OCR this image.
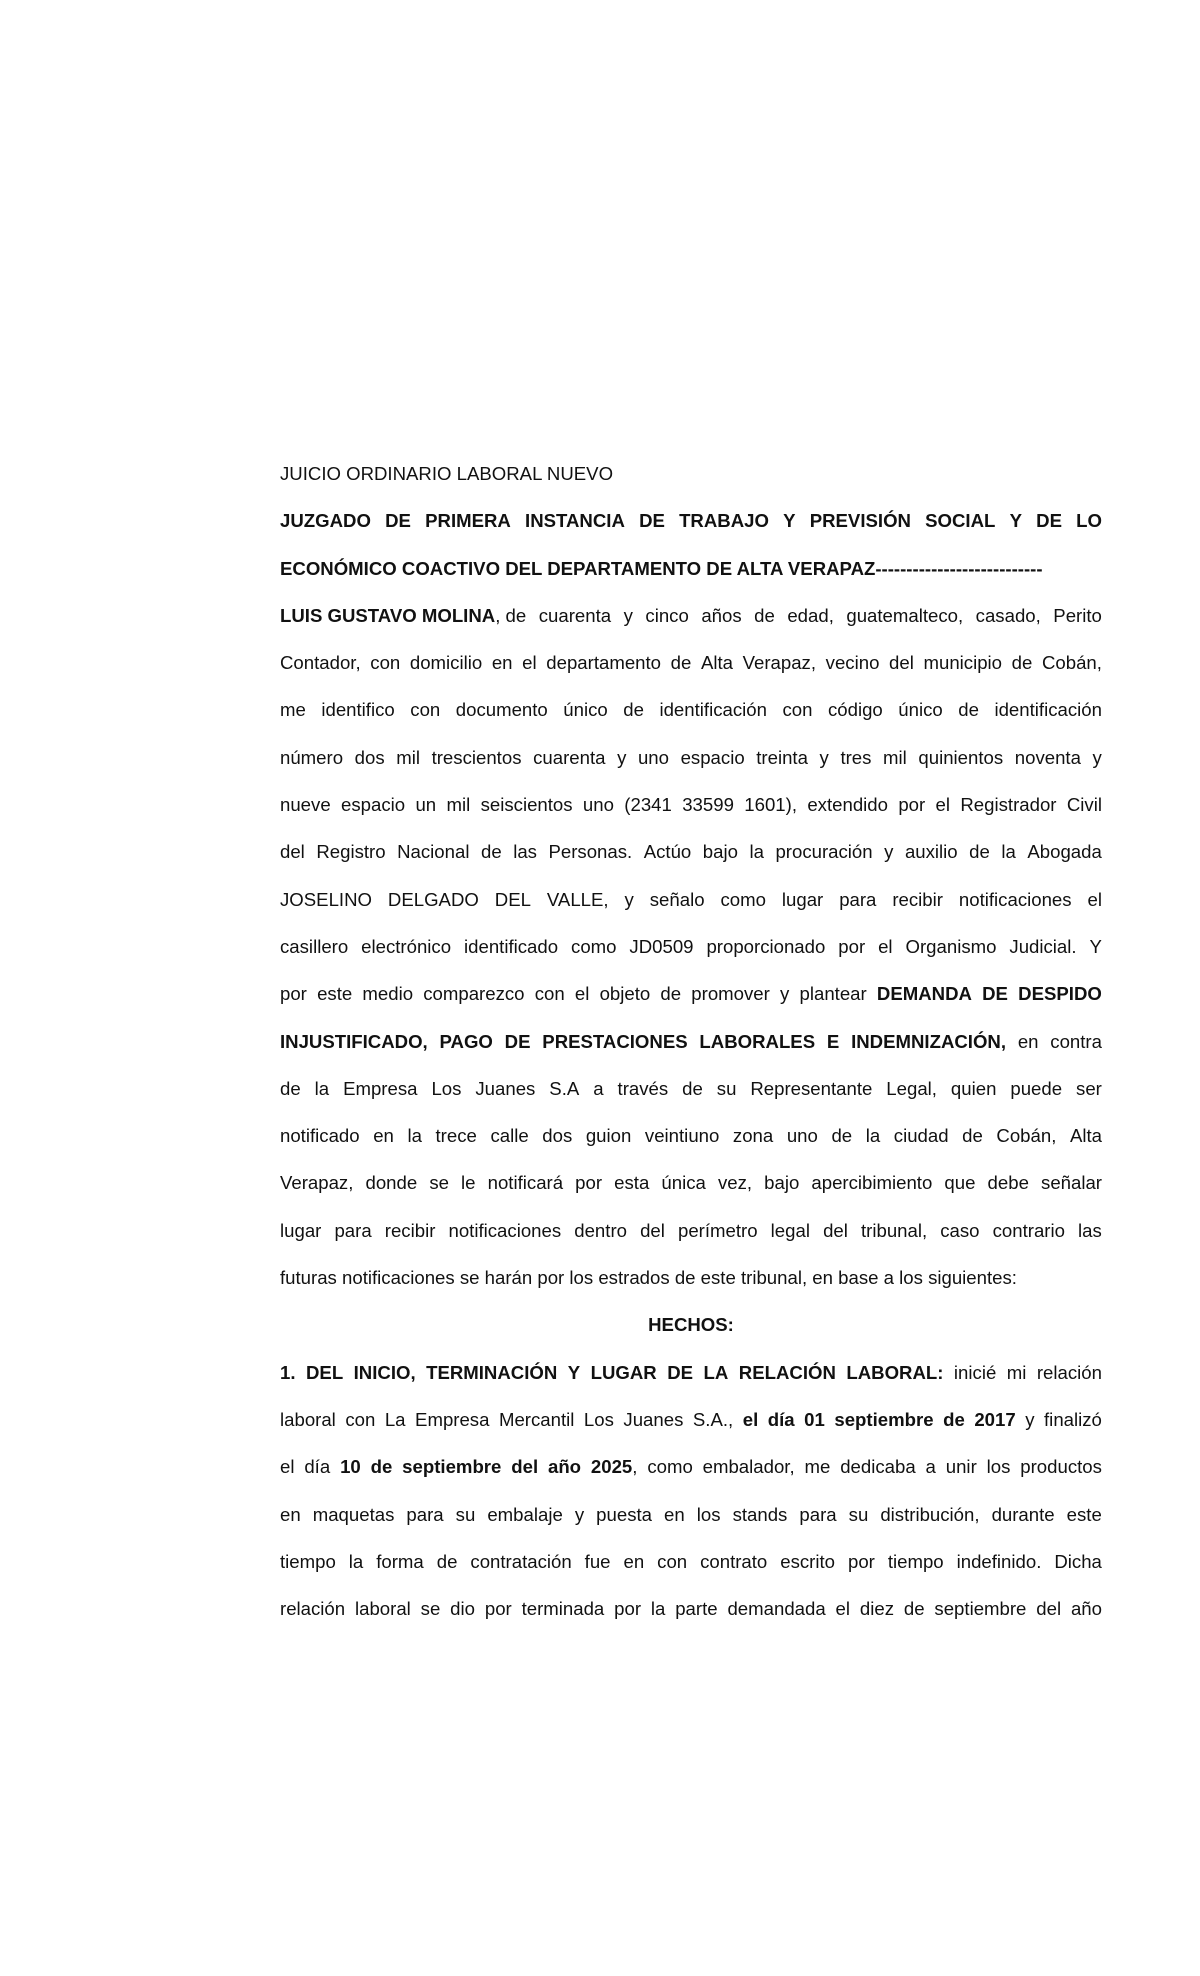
JUICIO ORDINARIO LABORAL NUEVO
JUZGADO DE PRIMERA INSTANCIA DE TRABAJO Y PREVISIÓN SOCIAL Y DE LO
ECONÓMICO COACTIVO DEL DEPARTAMENTO DE ALTA VERAPAZ---------------------------
LUIS GUSTAVO MOLINA, de cuarenta y cinco años de edad, guatemalteco, casado, Perito
Contador, con domicilio en el departamento de Alta Verapaz, vecino del municipio de Cobán,
me identifico con documento único de identificación con código único de identificación
número dos mil trescientos cuarenta y uno espacio treinta y tres mil quinientos noventa y
nueve espacio un mil seiscientos uno (2341 33599 1601), extendido por el Registrador Civil
del Registro Nacional de las Personas. Actúo bajo la procuración y auxilio de la Abogada
JOSELINO DELGADO DEL VALLE, y señalo como lugar para recibir notificaciones el
casillero electrónico identificado como JD0509 proporcionado por el Organismo Judicial. Y
por este medio comparezco con el objeto de promover y plantear DEMANDA DE DESPIDO
INJUSTIFICADO, PAGO DE PRESTACIONES LABORALES E INDEMNIZACIÓN, en contra
de la Empresa Los Juanes S.A a través de su Representante Legal, quien puede ser
notificado en la trece calle dos guion veintiuno zona uno de la ciudad de Cobán, Alta
Verapaz, donde se le notificará por esta única vez, bajo apercibimiento que debe señalar
lugar para recibir notificaciones dentro del perímetro legal del tribunal, caso contrario las
futuras notificaciones se harán por los estrados de este tribunal, en base a los siguientes:
HECHOS:
1. DEL INICIO, TERMINACIÓN Y LUGAR DE LA RELACIÓN LABORAL: inicié mi relación
laboral con La Empresa Mercantil Los Juanes S.A., el día 01 septiembre de 2017 y finalizó
el día 10 de septiembre del año 2025, como embalador, me dedicaba a unir los productos
en maquetas para su embalaje y puesta en los stands para su distribución, durante este
tiempo la forma de contratación fue en con contrato escrito por tiempo indefinido. Dicha
relación laboral se dio por terminada por la parte demandada el diez de septiembre del año
